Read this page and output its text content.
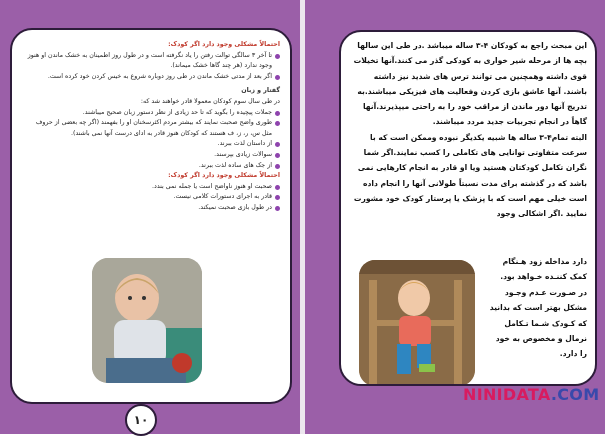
احتمالاً مشکلی وجود دارد اگر کودک:
تا آخر ۳ سالگی توالت رفتن را یاد نگرفته است و در طول روز اطمینان به خشک ماندن او هنوز وجود ندارد (هر چند گاها خشک میماند).
اگر بعد از مدتی خشک ماندن در طی روز دوباره شروع به خیس کردن خود کرده است.
گفتار و زبان
در طی سال سوم کودکان معمولا قادر خواهند شد که:
جملات پیچیده را بگوید که تا حد زیادی از نظر دستور زبان صحیح میباشند.
طوری واضح صحبت نمایند که بیشتر مردم اکثرسخنان او را بفهمند (اگر چه بعضی از حروف مثل س، ر، ز، ف هستند که کودکان هنوز قادر به ادای درست آنها نمی باشند).
از داستان لذت ببرند.
سوالات زیادی بپرسند.
از جک های ساده لذت ببرند.
احتمالاً مشکلی وجود دارد اگر کودک:
صحبت او هنوز ناواضح است یا جمله نمی بندد.
قادر به اجرای دستورات کلامی نیست.
در طول بازی صحبت نمیکند.
۱۰
این مبحث راجع به کودکان ۴-۳ ساله میباشد .در طی این سالها بچه ها از مرحله شیر خواری به کودکی گذر می کنند.آنها تخیلات قوی داشته وهمچنین می توانند ترس های شدید نیز داشته باشند. آنها عاشق بازی کردن وفعالیت های فیزیکی میباشند.به تدریج آنها دور ماندن از مراقب خود را به راحتی میپذیرند.آنها گاهاً در انجام تجربیات جدید مردد میباشند.
البته تمام۴-۳ ساله ها شبیه یکدیگر نبوده وممکن است که با سرعت متفاوتی توانایی های تکاملی را کسب نمایند.اگر شما نگران تکامل کودکتان هستید ویا او قادر به انجام کارهایی نمی باشد که در گذشته برای مدت نسبتاً طولانی آنها را انجام داده است خیلی مهم است که با پزشک یا پرستار کودک خود مشورت نمایید .اگر اشکالی وجود
دارد مداخله زود هـنگام
کمک کننـده خـواهد بود.
در صـورت عـدم وجـود
مشکل بهتر است که بدانید
که کـودک شـما تـکامل
نرمال و مخصوص به خود
را دارد.
NINIDATA.COM
